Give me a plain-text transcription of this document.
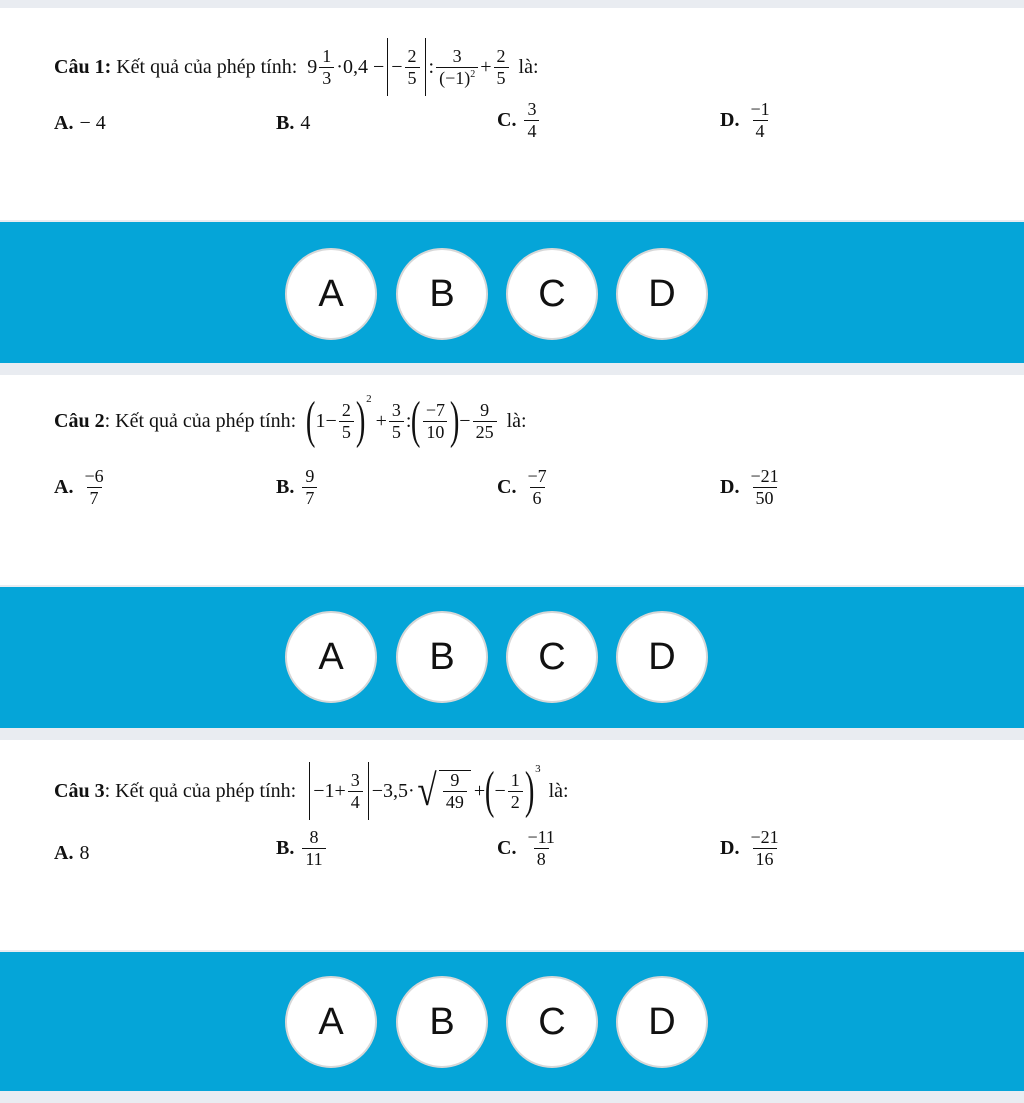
Câu 1: Kết quả của phép tính: $9 \frac{1}{3} \cdot 0,4$ − − $\frac{2}{5}$ : $\frac{3}{(-1)^2} + \frac{2}{5}$ là:
A. − 4	B. 4	C. $\frac{3}{4}$	D. $\frac{-1}{4}$
A	B	C	D
Câu 2: Kết quả của phép tính: ( $1- \frac{2}{5}$ ) 2
+ $\frac{3}{5}$ : ( $\frac{-7}{10}$ ) − $\frac{9}{25}$ là:
A. $\frac{-6}{7}$	B. $\frac{9}{7}$	C. $\frac{-7}{6}$	D. $\frac{-21}{50}$
A	B	C	D
Câu 3: Kết quả của phép tính: $-1+ \frac{3}{4} -3,5\cdot$ √ $\frac{9}{49}$ + ( − $\frac{1}{2}$ ) 3
là:
A. 8	B. $\frac{8}{11}$	C. $\frac{-11}{8}$	D. $\frac{-21}{16}$
A	B	C	D
